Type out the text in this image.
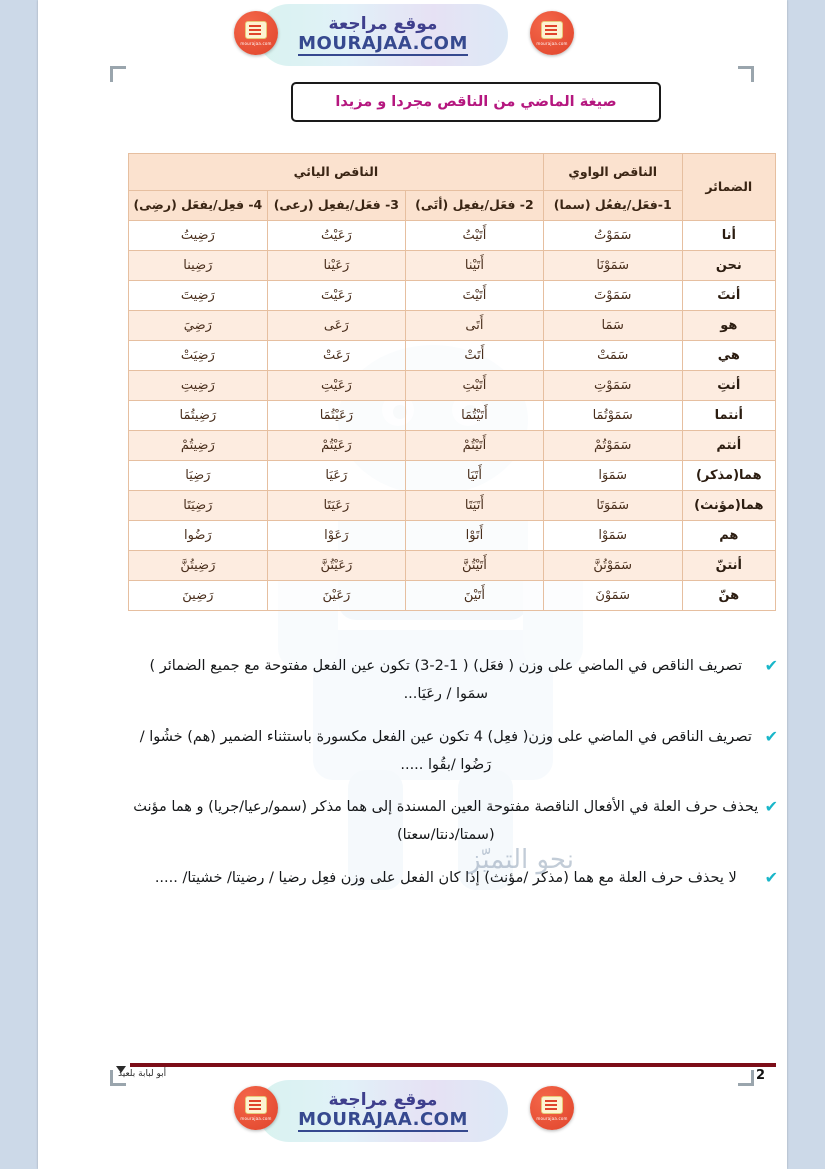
نحو التميّز
صيغة الماضي من الناقص مجردا و مزيدا
الضمائر	الناقص الواوي	الناقص اليائي		
	1-فعَل/يفعُل (سما)	2- فعَل/يفعِل (أتَى)	3- فعَل/يفعِل (رعى)	4- فعِل/يفعَل (رضِى)
أنا	سَمَوْتُ	أَتَيْتُ	رَعَيْتُ	رَضِيتُ
نحن	سَمَوْنَا	أَتَيْنا	رَعَيْنا	رَضِينا
أنتَ	سَمَوْتَ	أَتَيْتَ	رَعَيْتَ	رَضِيتَ
هو	سَمَا	أَتَى	رَعَى	رَضِيَ
هي	سَمَتْ	أَتَتْ	رَعَتْ	رَضِيَتْ
أنتِ	سَمَوْتِ	أَتَيْتِ	رَعَيْتِ	رَضِيتِ
أنتما	سَمَوْتُمَا	أَتَيْتُمَا	رَعَيْتُمَا	رَضِيتُمَا
أنتم	سَمَوْتُمْ	أَتَيْتُمْ	رَعَيْتُمْ	رَضِيتُمْ
هما(مذكر)	سَمَوَا	أَتَيَا	رَعَيَا	رَضِيَا
هما(مؤنث)	سَمَوَتَا	أَتَيَتَا	رَعَيَتَا	رَضِيَتَا
هم	سَمَوْا	أَتَوْا	رَعَوْا	رَضُوا
أنتنّ	سَمَوْتُنَّ	أَتَيْتُنَّ	رَعَيْتُنَّ	رَضِيتُنَّ
هنّ	سَمَوْنَ	أَتَيْنَ	رَعَيْنَ	رَضِينَ
✔
تصريف الناقص في الماضي على وزن ( فعَل) ( 1-2-3) تكون عين الفعل مفتوحة مع جميع الضمائر ) سمَوا / رعَيَا...
✔
تصريف الناقص في الماضي على وزن( فعِل) 4 تكون عين الفعل مكسورة باستثناء الضمير (هم) خشُوا /رَضُوا /بقُوا .....
✔
يحذف حرف العلة في الأفعال الناقصة مفتوحة العين المسندة إلى هما مذكر (سمو/رعيا/جريا) و هما مؤنث (سمتا/دنتا/سعتا)
✔
لا يحذف حرف العلة مع هما (مذكر /مؤنث) إذا كان الفعل على وزن فعِل رضيا / رضيتا/ خشيتا/ .....
أبو لبابة بلعيد	2
موقع مراجعة
MOURAJAA.COM
mourajaa.com	mourajaa.com
موقع مراجعة
MOURAJAA.COM
mourajaa.com	mourajaa.com
